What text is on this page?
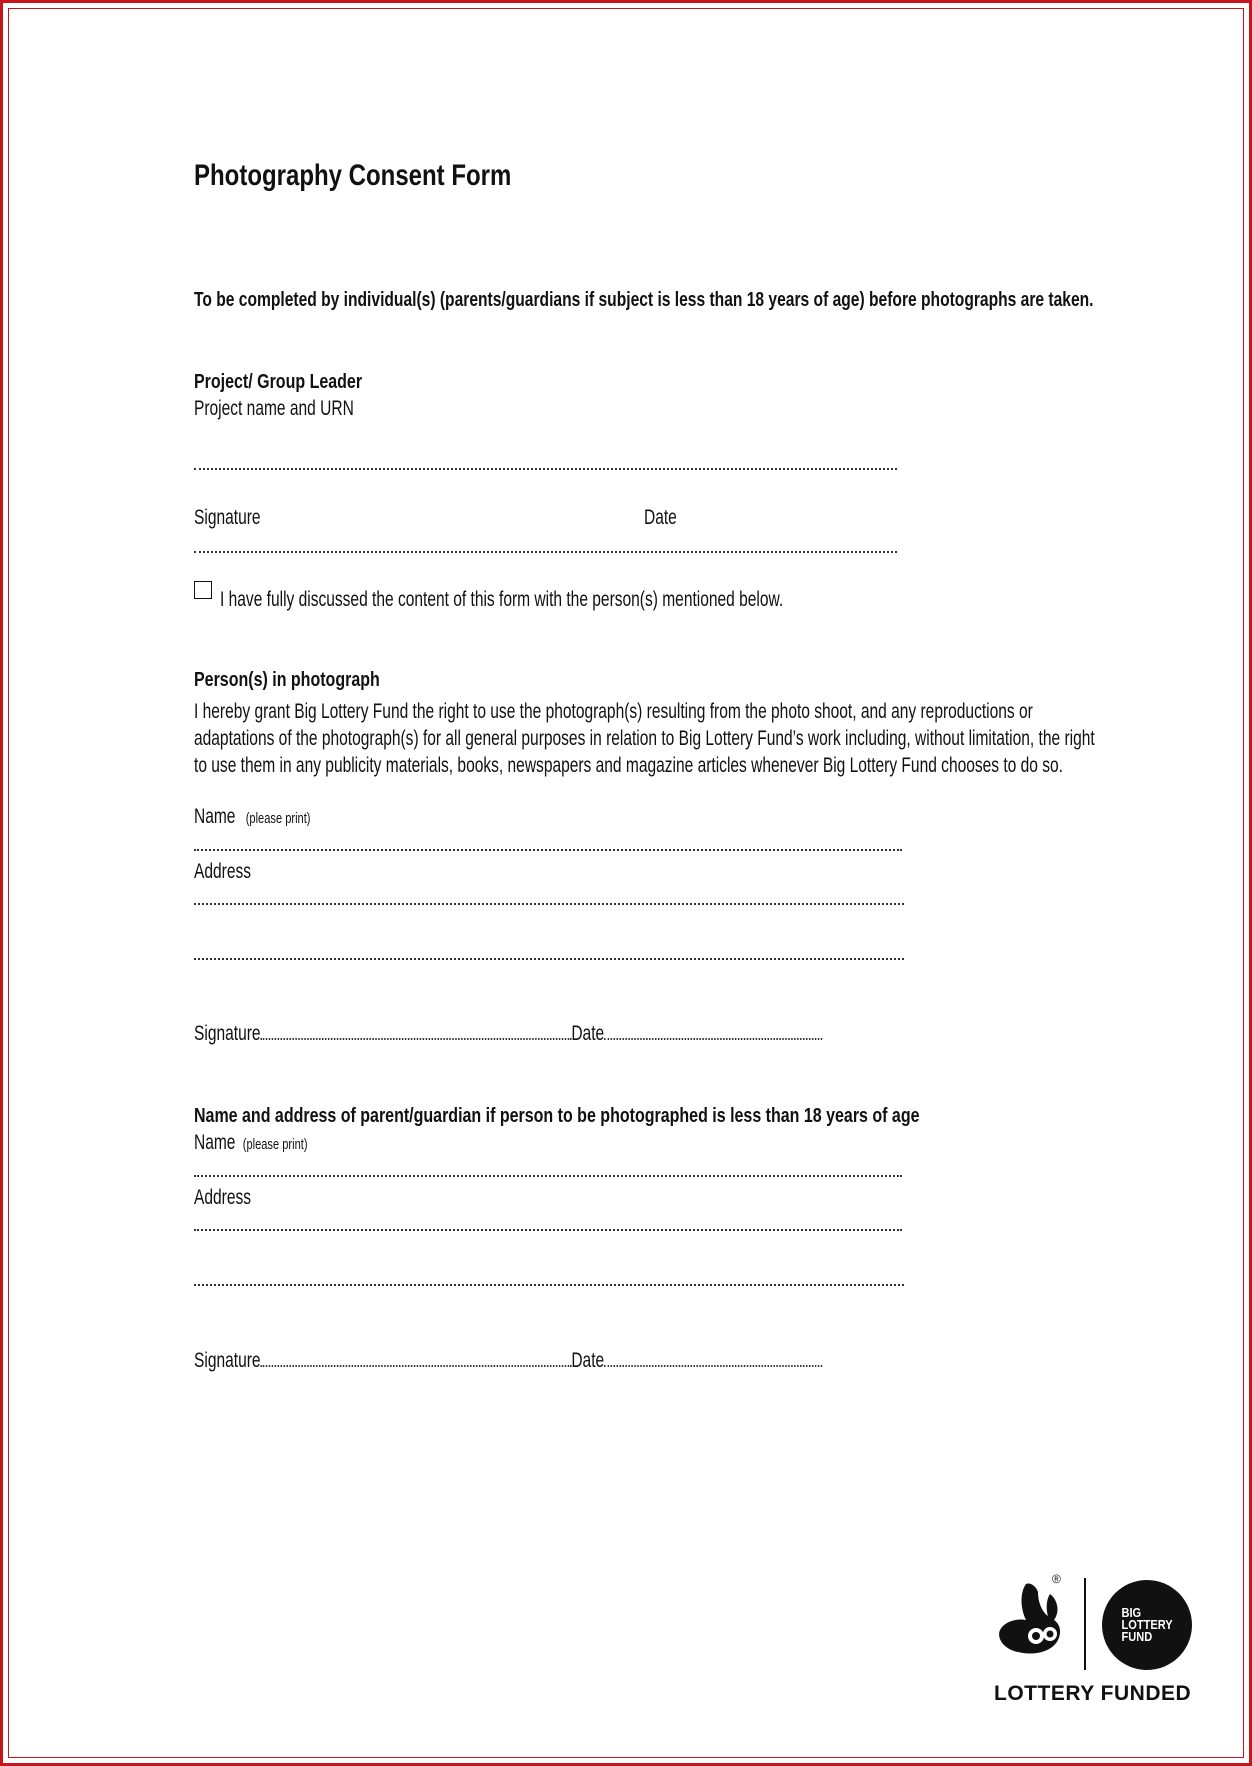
Photography Consent Form
To be completed by individual(s) (parents/guardians if subject is less than 18 years of age) before photographs are taken.
Project/ Group Leader
Project name and URN
Signature	Date
I have fully discussed the content of this form with the person(s) mentioned below.
Person(s) in photograph
I hereby grant Big Lottery Fund the right to use the photograph(s) resulting from the photo shoot, and any reproductions or
adaptations of the photograph(s) for all general purposes in relation to Big Lottery Fund’s work including, without limitation, the right
to use them in any publicity materials, books, newspapers and magazine articles whenever Big Lottery Fund chooses to do so.
Name (please print)
Address
Signature	Date
Name and address of parent/guardian if person to be photographed is less than 18 years of age
Name (please print)
Address
Signature	Date
®
BIG LOTTERY FUND
LOTTERY FUNDED
